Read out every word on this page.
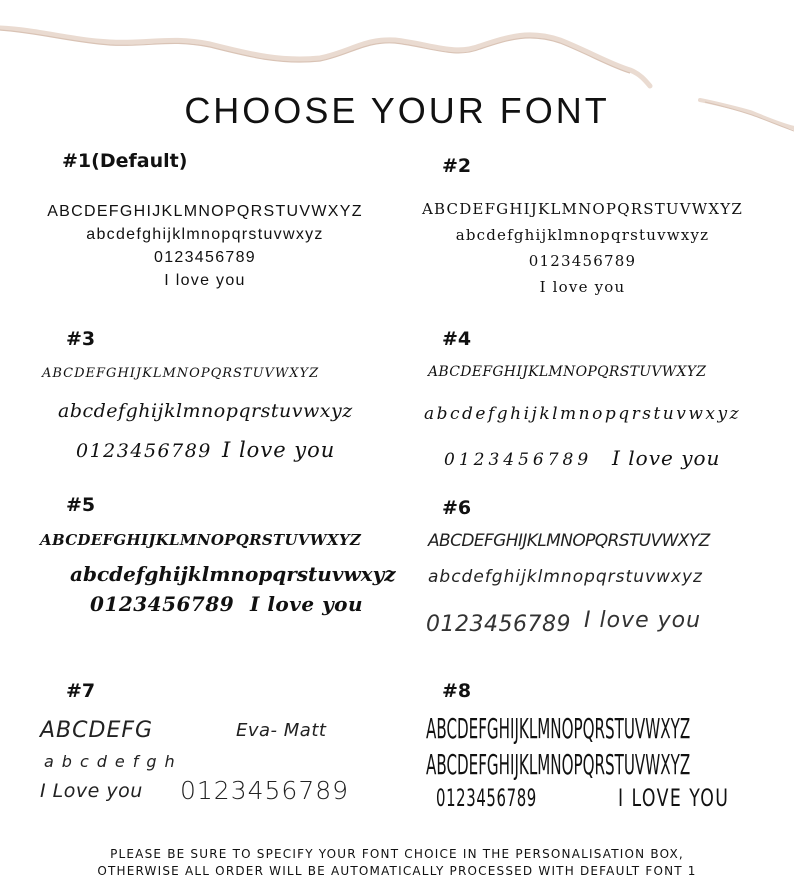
CHOOSE YOUR FONT
#1(Default)
ABCDEFGHIJKLMNOPQRSTUVWXYZ
abcdefghijklmnopqrstuvwxyz
0123456789
I love you
#2
ABCDEFGHIJKLMNOPQRSTUVWXYZ
abcdefghijklmnopqrstuvwxyz
0123456789
I love you
#3
ABCDEFGHIJKLMNOPQRSTUVWXYZ
abcdefghijklmnopqrstuvwxyz
0123456789 I love you
#4
ABCDEFGHIJKLMNOPQRSTUVWXYZ
abcdefghijklmnopqrstuvwxyz
0123456789 I love you
#5
ABCDEFGHIJKLMNOPQRSTUVWXYZ
abcdefghijklmnopqrstuvwxyz
0123456789 I love you
#6
ABCDEFGHIJKLMNOPQRSTUVWXYZ
abcdefghijklmnopqrstuvwxyz
0123456789 I love you
#7
ABCDEFG	Eva- Matt
abcdefgh
I Love you 0123456789
#8
ABCDEFGHIJKLMNOPQRSTUVWXYZ
ABCDEFGHIJKLMNOPQRSTUVWXYZ
0123456789	I LOVE YOU
PLEASE BE SURE TO SPECIFY YOUR FONT CHOICE IN THE PERSONALISATION BOX,
OTHERWISE ALL ORDER WILL BE AUTOMATICALLY PROCESSED WITH DEFAULT FONT 1
